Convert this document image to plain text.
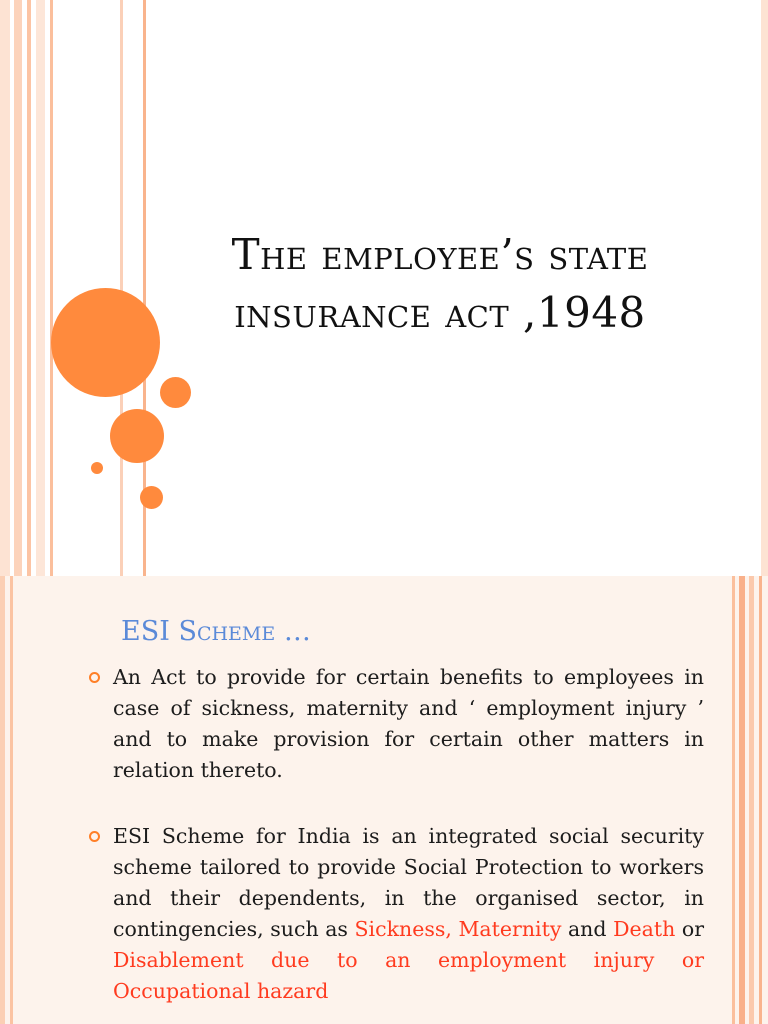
The employee’s state
insurance act ,1948
ESI Scheme …
An Act to provide for certain benefits to employees in case of sickness, maternity and ‘ employment injury ’ and to make provision for certain other matters in relation thereto.
ESI Scheme for India is an integrated social security scheme tailored to provide Social Protection to workers and their dependents, in the organised sector, in contingencies, such as Sickness, Maternity and Death or Disablement due to an employment injury or Occupational hazard
